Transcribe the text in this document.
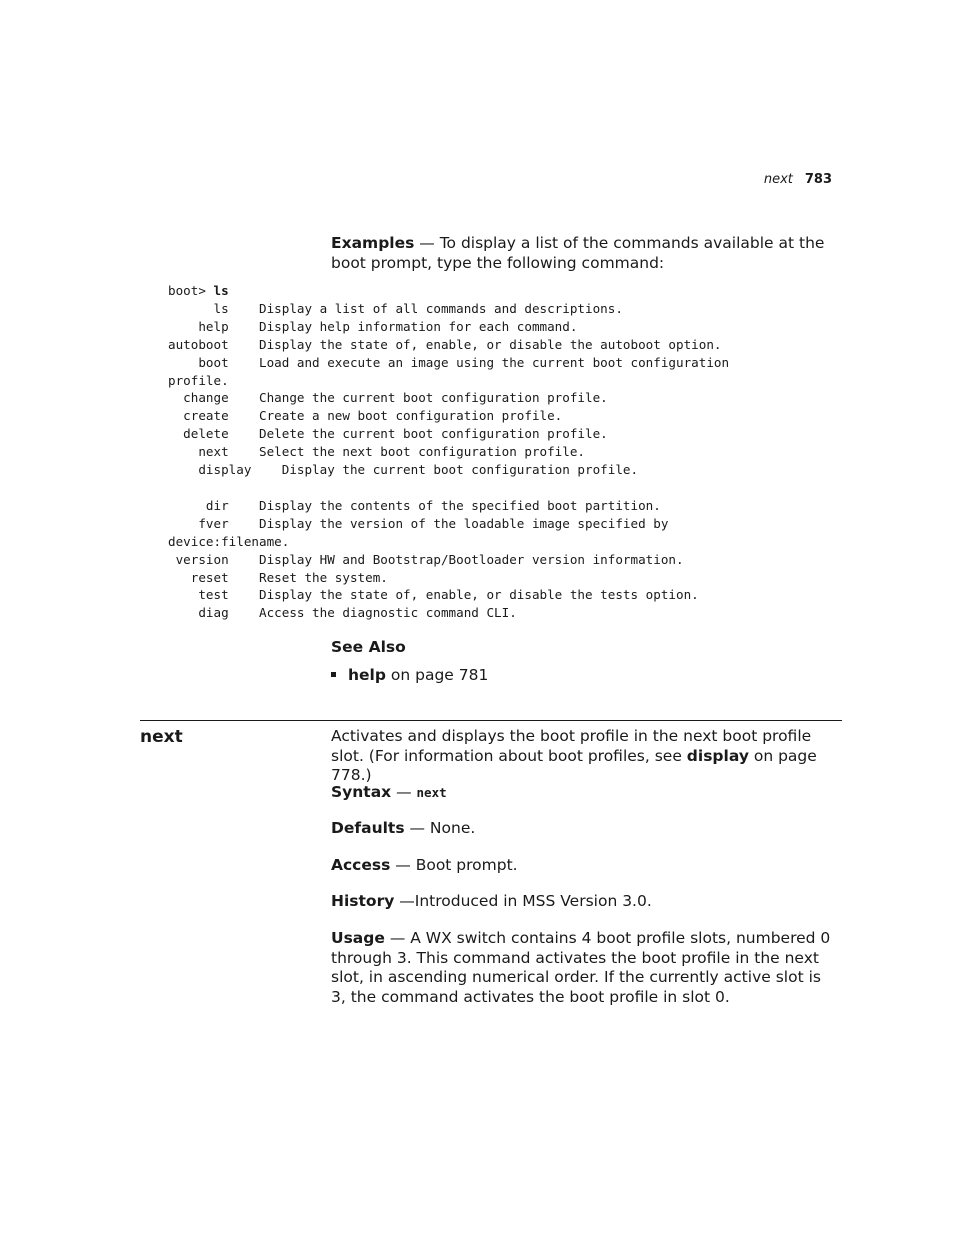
next 783
Examples — To display a list of the commands available at the boot prompt, type the following command:
boot> ls
ls    Display a list of all commands and descriptions.
help    Display help information for each command.
autoboot    Display the state of, enable, or disable the autoboot option.
boot    Load and execute an image using the current boot configuration
profile.
change    Change the current boot configuration profile.
create    Create a new boot configuration profile.
delete    Delete the current boot configuration profile.
next    Select the next boot configuration profile.
display    Display the current boot configuration profile.

dir    Display the contents of the specified boot partition.
fver    Display the version of the loadable image specified by
device:filename.
version    Display HW and Bootstrap/Bootloader version information.
reset    Reset the system.
test    Display the state of, enable, or disable the tests option.
diag    Access the diagnostic command CLI.
See Also
help on page 781
next	Activates and displays the boot profile in the next boot profile slot. (For information about boot profiles, see display on page 778.)
Syntax — next
Defaults — None.
Access — Boot prompt.
History —Introduced in MSS Version 3.0.
Usage — A WX switch contains 4 boot profile slots, numbered 0 through 3. This command activates the boot profile in the next slot, in ascending numerical order. If the currently active slot is 3, the command activates the boot profile in slot 0.
